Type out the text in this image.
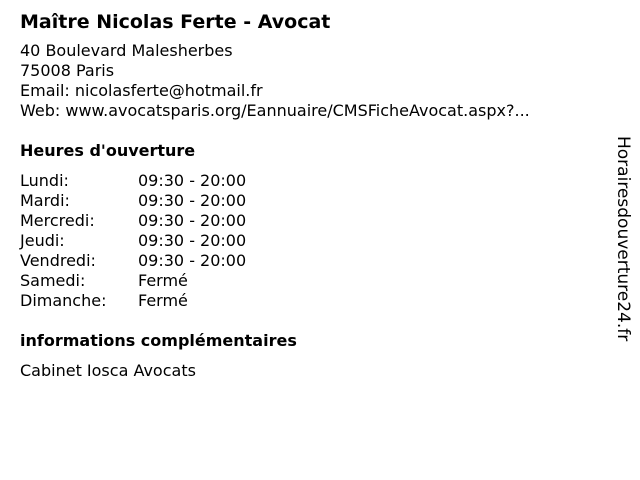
Maître Nicolas Ferte - Avocat
40 Boulevard Malesherbes
75008 Paris
Email: nicolasferte@hotmail.fr
Web: www.avocatsparis.org/Eannuaire/CMSFicheAvocat.aspx?...
Heures d'ouverture
Lundi:	09:30 - 20:00
Mardi:	09:30 - 20:00
Mercredi:	09:30 - 20:00
Jeudi:	09:30 - 20:00
Vendredi:	09:30 - 20:00
Samedi:	Fermé
Dimanche:	Fermé
informations complémentaires
Cabinet Iosca Avocats
Horairesdouverture24.fr
